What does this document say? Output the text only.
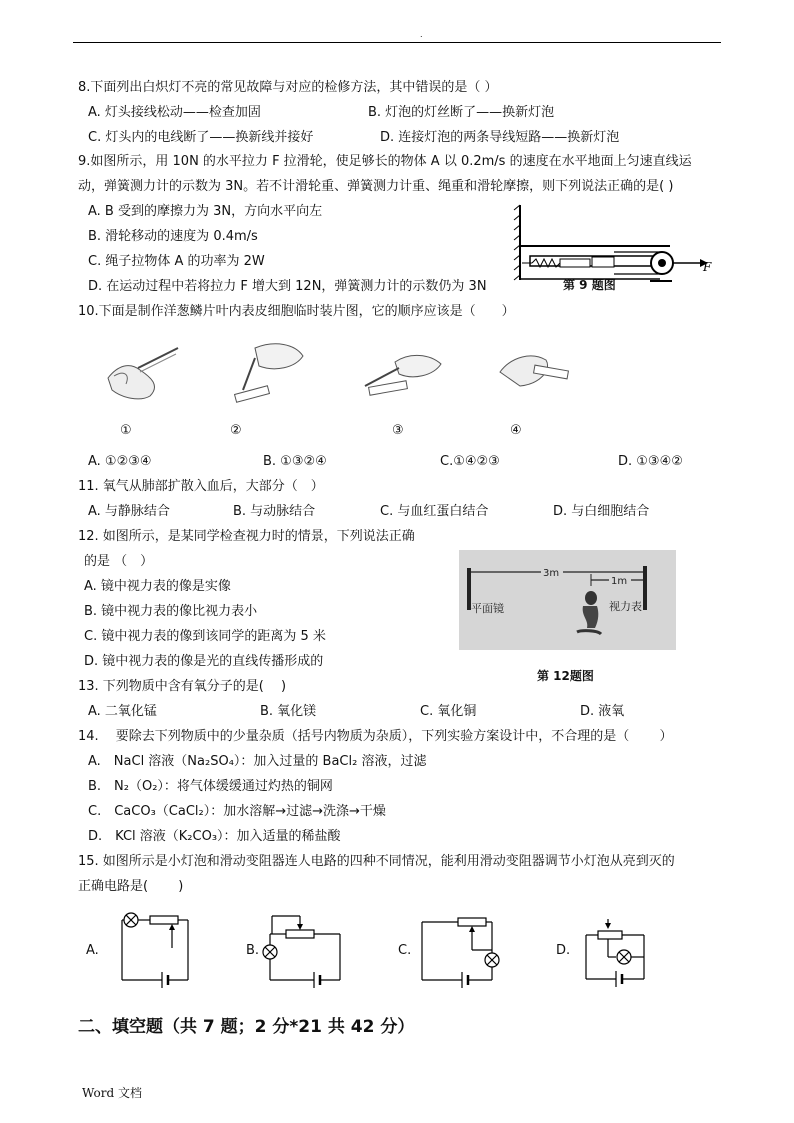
.
8.下面列出白炽灯不亮的常见故障与对应的检修方法，其中错误的是（ ）
A. 灯头接线松动——检查加固	B. 灯泡的灯丝断了——换新灯泡
C. 灯头内的电线断了——换新线并接好	D. 连接灯泡的两条导线短路——换新灯泡
9.如图所示，用 10N 的水平拉力 F 拉滑轮，使足够长的物体 A 以 0.2m/s 的速度在水平地面上匀速直线运
动，弹簧测力计的示数为 3N。若不计滑轮重、弹簧测力计重、绳重和滑轮摩擦，则下列说法正确的是( )
A. B 受到的摩擦力为 3N，方向水平向左
B. 滑轮移动的速度为 0.4m/s
C. 绳子拉物体 A 的功率为 2W
D. 在运动过程中若将拉力 F 增大到 12N，弹簧测力计的示数仍为 3N
F
第 9 题图
10.下面是制作洋葱鳞片叶内表皮细胞临时装片图，它的顺序应该是（　　）
①	②	③	④
A. ①②③④	B. ①③②④	C.①④②③	D. ①③④②
11. 氧气从肺部扩散入血后，大部分（　）
A. 与静脉结合	B. 与动脉结合	C. 与血红蛋白结合	D. 与白细胞结合
12. 如图所示，是某同学检查视力时的情景，下列说法正确
的是 （　）
A. 镜中视力表的像是实像
B. 镜中视力表的像比视力表小
C. 镜中视力表的像到该同学的距离为 5 米
D. 镜中视力表的像是光的直线传播形成的
3m
1m
平面镜	视力表
第 12题图
13. 下列物质中含有氧分子的是(　 )
A. 二氧化锰	B. 氧化镁	C. 氧化铜	D. 液氧
14.　 要除去下列物质中的少量杂质（括号内物质为杂质），下列实验方案设计中，不合理的是（　　 ）
A.　NaCl 溶液（Na₂SO₄）：加入过量的 BaCl₂ 溶液，过滤
B.　N₂（O₂）：将气体缓缓通过灼热的铜网
C.　CaCO₃（CaCl₂）：加水溶解→过滤→洗涤→干燥
D.　KCl 溶液（K₂CO₃）：加入适量的稀盐酸
15. 如图所示是小灯泡和滑动变阻器连人电路的四种不同情况，能利用滑动变阻器调节小灯泡从亮到灭的
正确电路是(　　 )
A.	B.	C.	D.
二、填空题（共 7 题；2 分*21 共 42 分）
Word 文档
